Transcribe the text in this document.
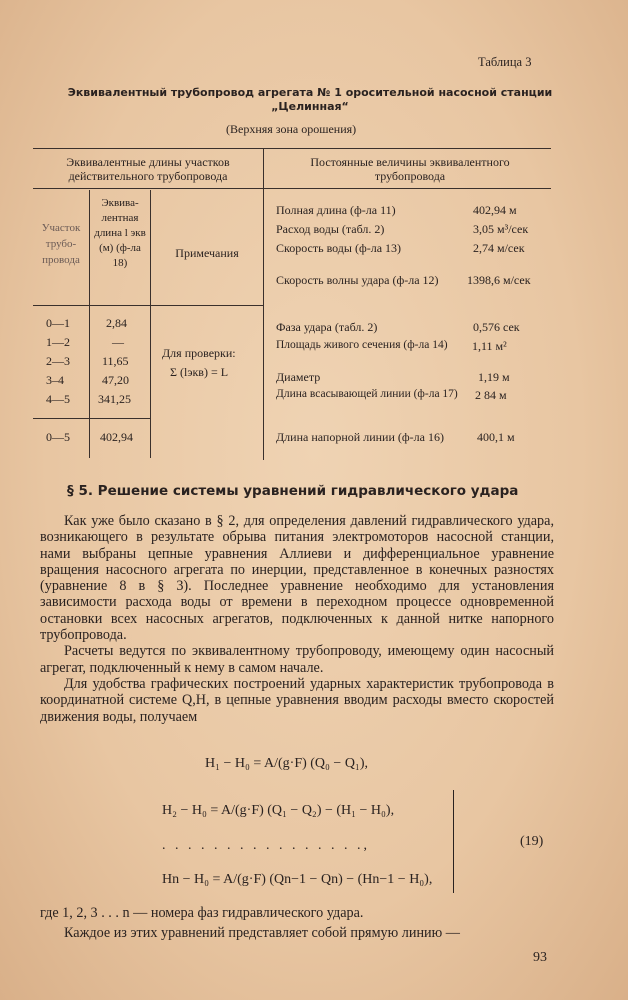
Таблица 3
Эквивалентный трубопровод агрегата № 1 оросительной насосной станции „Целинная“
(Верхняя зона орошения)
Эквивалентные длины участков действительного трубопровода
Постоянные величины эквивалентного трубопровода
Участок трубо-провода
Эквива-лентная длина l экв (м) (ф-ла 18)
Примечания
0—1	2,84
1—2	—
2—3	11,65
3–4	47,20
4—5 341,25
0—5	402,94
Для проверки:
Σ (lэкв) = L
Полная длина (ф-ла 11)	402,94 м
Расход воды (табл. 2)	3,05 м³/сек
Скорость воды (ф-ла 13)	2,74 м/сек
Скорость волны удара (ф-ла 12) 1398,6 м/сек
Фаза удара (табл. 2)	0,576 сек
Площадь живого сечения (ф-ла 14) 1,11 м²
Диаметр	1,19 м
Длина всасывающей линии (ф-ла 17) 2 84 м
Длина напорной линии (ф-ла 16)	400,1 м
§ 5. Решение системы уравнений гидравлического удара

Как уже было сказано в § 2, для определения давлений гидравлического удара, возникающего в результате обрыва питания электромоторов насосной станции, нами выбраны цепные уравнения Аллиеви и дифференциальное уравнение вращения насосного агрегата по инерции, представленное в конечных разностях (уравнение 8 в § 3). Последнее уравнение необходимо для установления зависимости расхода воды от времени в переходном процессе одновременной остановки всех насосных агрегатов, подключенных к данной нитке напорного трубопровода.

Расчеты ведутся по эквивалентному трубопроводу, имеющему один насосный агрегат, подключенный к нему в самом начале.

Для удобства графических построений ударных характеристик трубопровода в координатной системе Q,H, в цепные уравнения вводим расходы вместо скоростей движения воды, получаем

H₁ − H₀ = A/(g·F) (Q₀ − Q₁),
H₂ − H₀ = A/(g·F) (Q₁ − Q₂) − (H₁ − H₀),
. . . . . . . . . . . . . . . .,
Hn − H₀ = A/(g·F) (Qn−1 − Qn) − (Hn−1 − H₀),
(19)
где 1, 2, 3 . . . n — номера фаз гидравлического удара.
Каждое из этих уравнений представляет собой прямую линию —
93
